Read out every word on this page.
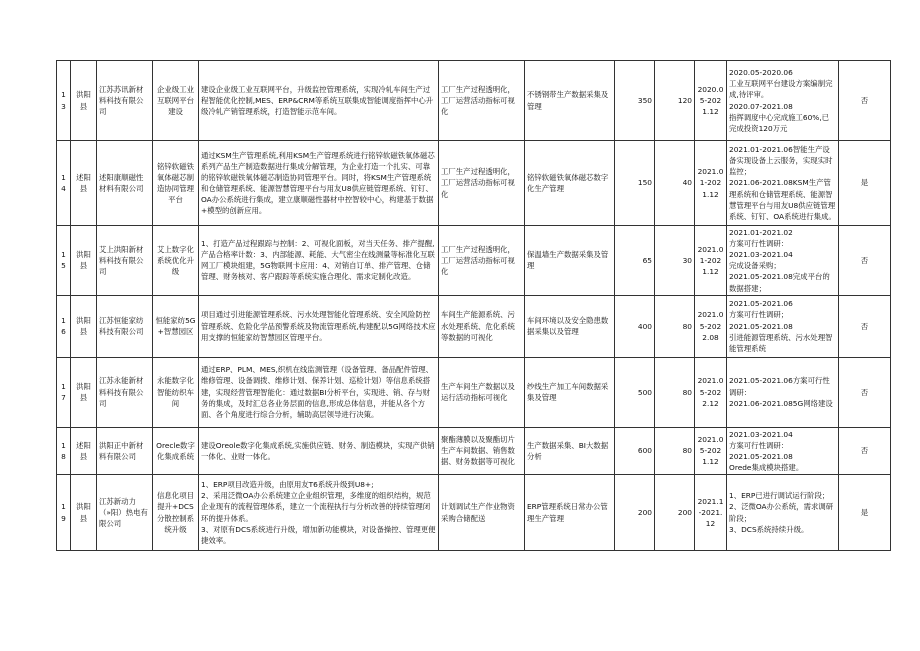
13	洪阳县	江苏苏讯新材料科技有限公司	企业级工业互联网平台建设	建设企业级工业互联网平台，升级监控管理系统，实现冷轧车间生产过程智能优化控制,MES、ERP&CRM等系统互联集成智能调度指挥中心升级冷轧产销管理系统，打造智能示范车间。	工厂生产过程透明化，工厂运营活动指标可视化	不锈钢带生产数据采集及管理	350	120	2020.05-2021.12	2020.05-2020.06
工业互联网平台建设方案编制完成,待评审。
2020.07-2021.08
指挥调度中心完成施工60%,已完成投资120万元	否
14	述阳县	述阳康顺磁性材料有限公司	铭锌软磁铁氧体磁芯制造协同管理平台	通过KSM生产管理系统,利用KSM生产管理系统进行铭锌软磁铁氧体磁芯系列产品生产制造数据进行集成分解管理，为企业打造一个扎实、可靠的铭锌软磁铁氧体磁芯制造协同管理平台。同时，将KSM生产管理系统和仓储管理系统、能源智慧管理平台与用友U8供应链管理系统、钉钉、OA办公系统进行集成，建立康顺磁性器材中控智较中心，构建基于数据+模型的创新应用。	工厂生产过程透明化，工厂运营活动指标可视化	铭锌软磁铁氧体磁芯数字化生产管理	150	40	2021.01-2021.12	2021.01-2021.06智能生产设备实现设备上云服务，实现实时监控；
2021.06-2021.08KSM生产管理系统和仓储管理系统、能源智慧管理平台与用友U8供应链管理系统、钉钉、OA系统进行集成。	是
15	洪阳县	艾上洪阳新材料科技有限公司	艾上数字化系统优化升级	1、打造产品过程跟踪与控制：2、可视化面板，对当天任务、排产提醒,产品合格率计数：3、内部能源、耗能、大气密尘在线测量等标准化互联网工厂模块组建，5G物联网卡应用：4、对销自订单、排产管理、仓储管理、财务核对、客户跟踪等系统实施合理化、需求定制化改造。	工厂生产过程透明化，工厂运营活动指标可视化	保温墙生产数据采集及管理	65	30	2021.01-2021.12	2021.01-2021.02
方案可行性调研：
2021.03-2021.04
完成设备采购；
2021.05-2021.08完成平台的数据搭建；	否
16	洪阳县	江苏恒能家纺科技有限公司	恒能家纺5G+智慧园区	项目通过引进能源管理系统、污水处理智能化管理系统、安全风险防控管理系统、危险化学品预警系统及物流管理系统,构建配以5G网络技术应用支撑的恒能家纺智慧园区管理平台。	车间生产能源系统、污水处理系统、危化系统等数据的可视化	车间环境以及安全隐患数据采集以及管理	400	80	2021.05-2022.08	2021.05-2021.06
方案可行性调研；
2021.05-2021.08
引进能源管理系统、污水处理智能管理系统	否
17	洪阳县	江苏永能新材料科技有限公司	永能数字化智能纺织车间	通过ERP、PLM、MES,织机在线监测管理（设备管理、备品配件管理、维修管理、设备调拨、维修计划、保养计划、巡检计划）等信息系统搭建，实现经营管理智能化：通过数据BI分析平台，实现进、销、存与财务的集成，及时汇总各业务层面的信息,形成总体信息，并能从各个方面、各个角度进行综合分析，辅助高层领导进行决策。	生产车间生产数据以及运行活动指标可视化	纱线生产加工车间数据采集及管理	500	80	2021.05-2022.12	2021.05-2021.06方案可行性调研：
2021.06-2021.085G网络建设	否
18	述阳县	洪阳正中新材料有限公司	Orecle数字化集成系统	建设Oreole数字化集成系统,实施供应链、财务、制造模块，实现产供销一体化、业财一体化。	聚酯薄膜以及聚酯切片生产车间数据、销售数据、财务数据等可视化	生产数据采集、BI大数据分析	600	80	2021.05-2021.12	2021.03-2021.04
方案可行性调研：
2021.05-2021.08
Orede集成模块搭建。	否
19	洪阳县	江苏新动力（»阳）热电有限公司	信息化项目提升+DCS分散控制系统升级	1、ERP项目改造升级，由原用友T6系统升级到U8+;
2、采用泛微OA办公系统建立企业组织管理，多维度的组织结构，规范企业现有的流程管理体系，建立一个流程执行与分析改善的持续管理闭环的提升体系。
3、对原有DCS系统进行升级，增加新功能模块，对设备操控、管理更便捷效率。	计划调试生产作业物资采购合储配送	ERP管理系统日常办公管理生产管理	200	200	2021.1-2021.12	1、ERP已进行调试运行阶段；
2、泛微OA办公系统，需求调研阶段；
3、DCS系统持续升级。	是
